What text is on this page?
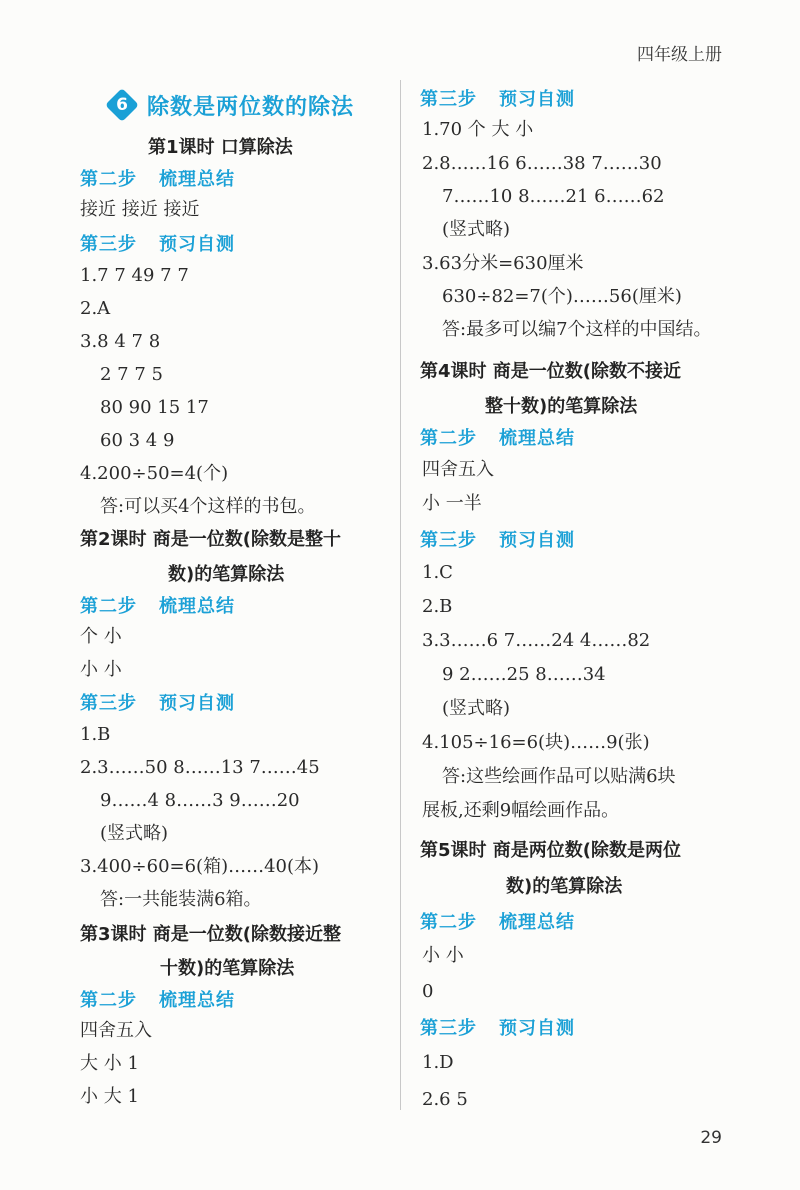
四年级上册
6 除数是两位数的除法
第1课时 口算除法
第二步 梳理总结
接近 接近 接近
第三步 预习自测
1.7 7 49 7 7
2.A
3.8 4 7 8
2 7 7 5
80 90 15 17
60 3 4 9
4.200÷50=4(个)
答:可以买4个这样的书包。
第2课时 商是一位数(除数是整十
数)的笔算除法
第二步 梳理总结
个 小
小 小
第三步 预习自测
1.B
2.3……50 8……13 7……45
9……4 8……3 9……20
(竖式略)
3.400÷60=6(箱)……40(本)
答:一共能装满6箱。
第3课时 商是一位数(除数接近整
十数)的笔算除法
第二步 梳理总结
四舍五入
大 小 1
小 大 1
第三步 预习自测
1.70 个 大 小
2.8……16 6……38 7……30
7……10 8……21 6……62
(竖式略)
3.63分米=630厘米
630÷82=7(个)……56(厘米)
答:最多可以编7个这样的中国结。
第4课时 商是一位数(除数不接近
整十数)的笔算除法
第二步 梳理总结
四舍五入
小 一半
第三步 预习自测
1.C
2.B
3.3……6 7……24 4……82
9 2……25 8……34
(竖式略)
4.105÷16=6(块)……9(张)
答:这些绘画作品可以贴满6块
展板,还剩9幅绘画作品。
第5课时 商是两位数(除数是两位
数)的笔算除法
第二步 梳理总结
小 小
0
第三步 预习自测
1.D
2.6 5
29
